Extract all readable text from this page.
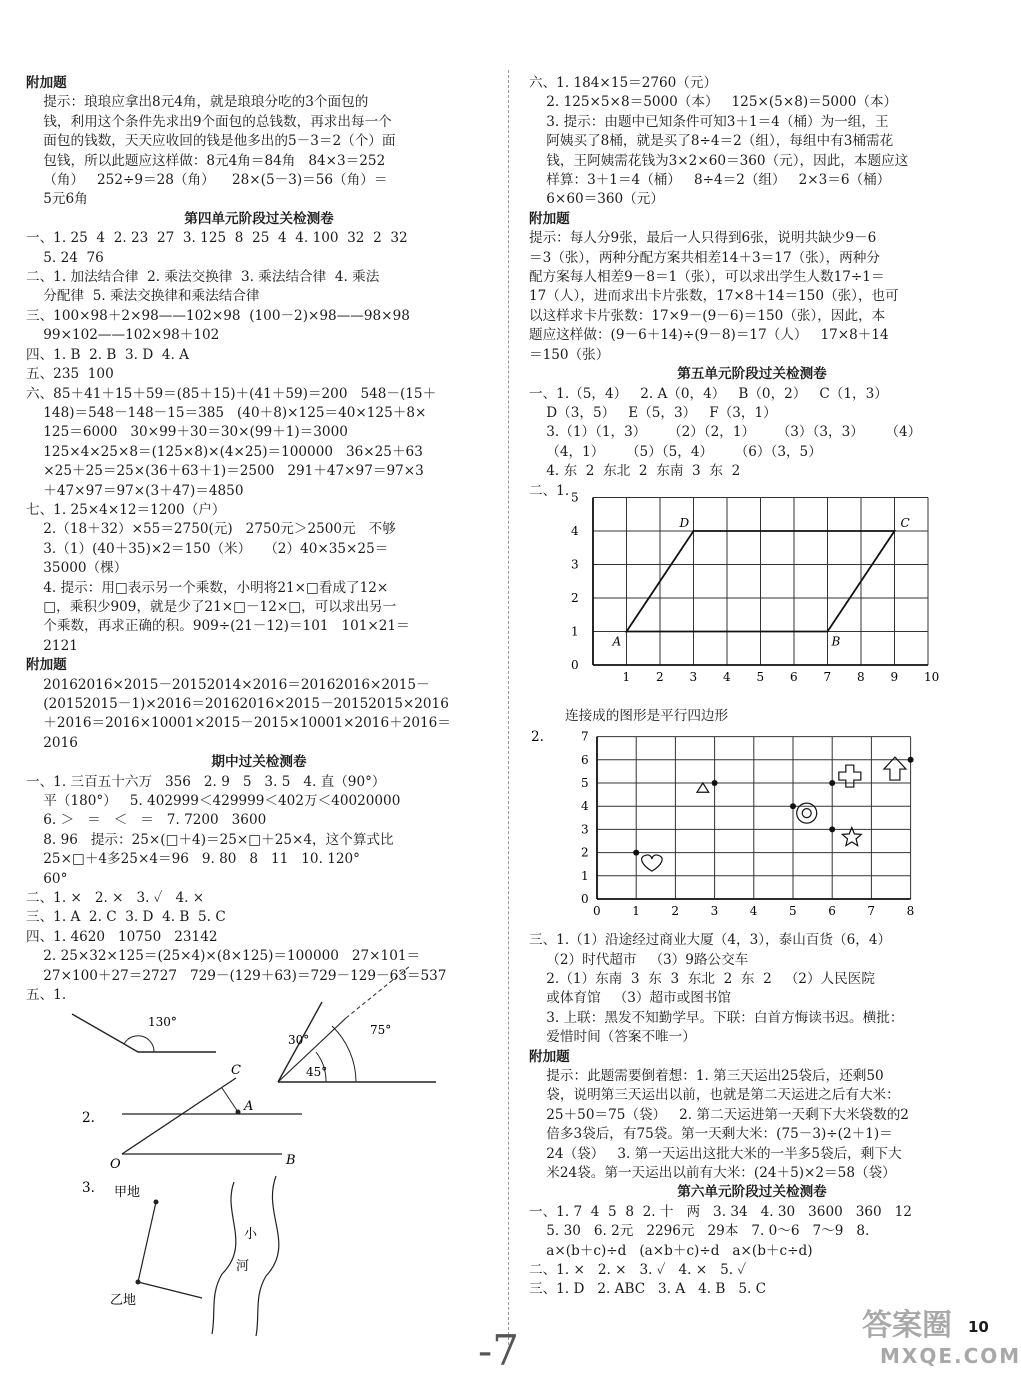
附加题
提示：琅琅应拿出8元4角，就是琅琅分吃的3个面包的
钱，利用这个条件先求出9个面包的总钱数，再求出每一个
面包的钱数，天天应收回的钱是他多出的5－3＝2（个）面
包钱，所以此题应这样做：8元4角＝84角   84×3＝252
（角）   252÷9＝28（角）    28×(5－3)＝56（角）＝
5元6角
第四单元阶段过关检测卷
一、1. 25  4  2. 23  27  3. 125  8  25  4  4. 100  32  2  32
5. 24  76
二、1. 加法结合律  2. 乘法交换律  3. 乘法结合律  4. 乘法
分配律  5. 乘法交换律和乘法结合律
三、100×98＋2×98——102×98  (100－2)×98——98×98
99×102——102×98＋102
四、1. B  2. B  3. D  4. A
五、235  100
六、85＋41＋15＋59＝(85＋15)＋(41＋59)＝200   548－(15＋
148)＝548－148－15＝385   (40＋8)×125＝40×125＋8×
125＝6000   30×99＋30＝30×(99＋1)＝3000
125×4×25×8＝(125×8)×(4×25)＝100000   36×25＋63
×25＋25＝25×(36＋63＋1)＝2500   291＋47×97＝97×3
＋47×97＝97×(3＋47)＝4850
七、1. 25×4×12＝1200（户）
2.（18＋32）×55＝2750(元)   2750元＞2500元   不够
3.（1）(40＋35)×2＝150（米）   （2）40×35×25＝
35000（棵）
4. 提示：用□表示另一个乘数，小明将21×□看成了12×
□，乘积少909，就是少了21×□－12×□，可以求出另一
个乘数，再求正确的积。909÷(21－12)＝101   101×21＝
2121
附加题
20162016×2015－20152014×2016＝20162016×2015－
(20152015－1)×2016＝20162016×2015－20152015×2016
＋2016＝2016×10001×2015－2015×10001×2016＋2016＝
2016
期中过关检测卷
一、1. 三百五十六万   356   2. 9   5   3. 5   4. 直（90°）
平（180°）   5. 402999＜429999＜402万＜40020000
6. ＞   ＝   ＜   ＝   7. 7200   3600
8. 96   提示：25×(□＋4)＝25×□＋25×4，这个算式比
25×□＋4多25×4＝96   9. 80   8   11   10. 120°
60°
二、1. ×   2. ×   3. ✓   4. ×
三、1. A  2. C  3. D  4. B  5. C
四、1. 4620   10750   23142
2. 25×32×125＝(25×4)×(8×125)＝100000   27×101＝
27×100＋27＝2727   729－(129＋63)＝729－129－63＝537
五、1.
130°
30°
75°
45°
2.
C
A
O	B
3. 甲地
乙地
小
河
六、1. 184×15＝2760（元）
2. 125×5×8＝5000（本）   125×(5×8)＝5000（本）
3. 提示：由题中已知条件可知3＋1＝4（桶）为一组，王
阿姨买了8桶，就是买了8÷4＝2（组），每组中有3桶需花
钱，王阿姨需花钱为3×2×60＝360（元），因此，本题应这
样算：3＋1＝4（桶）   8÷4＝2（组）   2×3＝6（桶）
6×60＝360（元）
附加题
提示：每人分9张，最后一人只得到6张，说明共缺少9－6
＝3（张），两种分配方案共相差14＋3＝17（张），两种分
配方案每人相差9－8＝1（张），可以求出学生人数17÷1＝
17（人），进而求出卡片张数，17×8＋14＝150（张），也可
以这样求卡片张数：17×9－(9－6)＝150（张），因此，本
题应这样做：(9－6＋14)÷(9－8)＝17（人）   17×8＋14
＝150（张）
第五单元阶段过关检测卷
一、1.（5，4）   2. A（0，4）   B（0，2）   C（1，3）
D（3，5）   E（5，3）   F（3，1）
3.（1）（1，3）     （2）（2，1）     （3）（3，3）     （4）
（4，1）     （5）（5，4）     （6）（3，5）
4. 东  2  东北  2  东南  3  东  2
二、1.
1 2 3 4 5 6 7 8 9 10
0
1
2
3
4
5
A	B
C
D
连接成的图形是平行四边形
2.
0	1	2	3	4	5	6	7	8
0
1
2
3
4
5
6
7
三、1.（1）沿途经过商业大厦（4，3），泰山百货（6，4）
（2）时代超市   （3）9路公交车
2.（1）东南  3  东  3  东北  2  东  2   （2）人民医院
或体育馆   （3）超市或图书馆
3. 上联：黑发不知勤学早。下联：白首方悔读书迟。横批：
爱惜时间（答案不唯一）
附加题
提示：此题需要倒着想：1. 第三天运出25袋后，还剩50
袋，说明第三天运出以前，也就是第二天运进之后有大米：
25＋50＝75（袋）   2. 第二天运进第一天剩下大米袋数的2
倍多3袋后，有75袋。第一天剩大米：(75－3)÷(2＋1)＝
24（袋）   3. 第一天运出这批大米的一半多5袋后，剩下大
米24袋。第一天运出以前有大米：(24＋5)×2＝58（袋）
第六单元阶段过关检测卷
一、1. 7  4  5  8  2. 十   两   3. 34   4. 30   3600   360   12
5. 30   6. 2元   2296元   29本   7. 0～6   7～9   8.
a×(b＋c)÷d   (a×b＋c)÷d   a×(b＋c÷d)
二、1. ×   2. ×   3. ✓   4. ×   5. ✓
三、1. D   2. ABC   3. A   4. B   5. C
-7
答案圈
MXQE.COM
10
